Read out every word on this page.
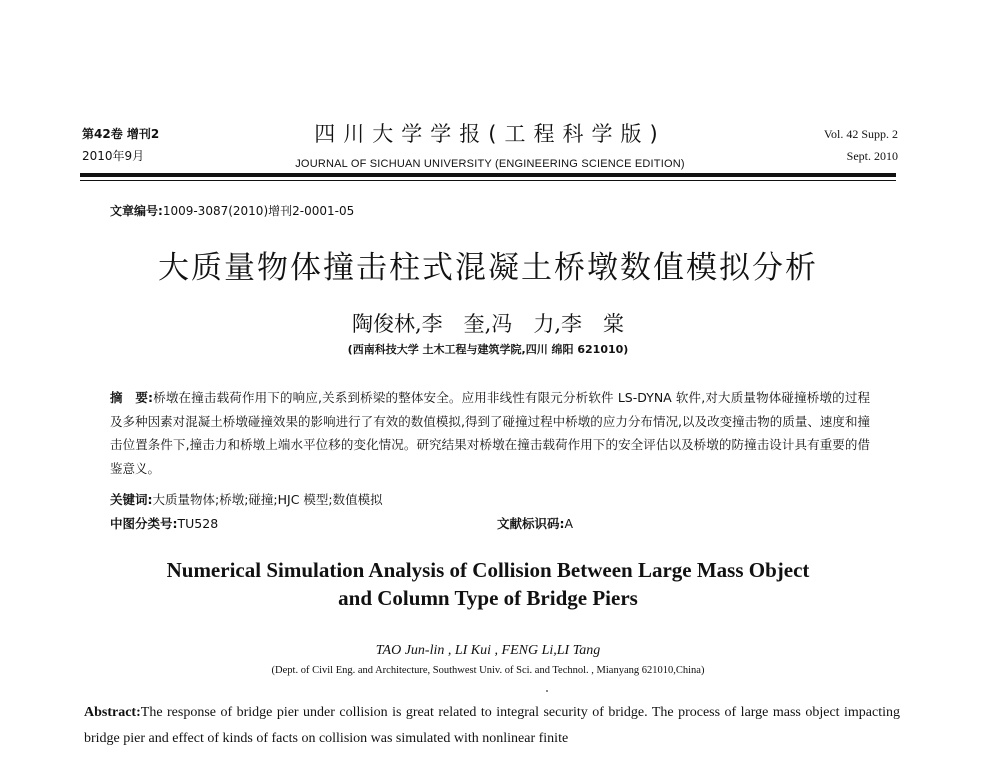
第42卷 增刊2
2010年9月
四川大学学报(工程科学版)
JOURNAL OF SICHUAN UNIVERSITY (ENGINEERING SCIENCE EDITION)
Vol. 42 Supp. 2
Sept. 2010
文章编号:1009-3087(2010)增刊2-0001-05
大质量物体撞击柱式混凝土桥墩数值模拟分析
陶俊林,李　奎,冯　力,李　棠
(西南科技大学 土木工程与建筑学院,四川 绵阳 621010)
摘　要:桥墩在撞击载荷作用下的响应,关系到桥梁的整体安全。应用非线性有限元分析软件 LS-DYNA 软件,对大质量物体碰撞桥墩的过程及多种因素对混凝土桥墩碰撞效果的影响进行了有效的数值模拟,得到了碰撞过程中桥墩的应力分布情况,以及改变撞击物的质量、速度和撞击位置条件下,撞击力和桥墩上端水平位移的变化情况。研究结果对桥墩在撞击载荷作用下的安全评估以及桥墩的防撞击设计具有重要的借鉴意义。
关键词:大质量物体;桥墩;碰撞;HJC 模型;数值模拟
中图分类号:TU528	文献标识码:A
Numerical Simulation Analysis of Collision Between Large Mass Object
and Column Type of Bridge Piers
TAO Jun-lin , LI Kui , FENG Li,LI Tang
(Dept. of Civil Eng. and Architecture, Southwest Univ. of Sci. and Technol. , Mianyang 621010,China)
Abstract:The response of bridge pier under collision is great related to integral security of bridge. The process of large mass object impacting bridge pier and effect of kinds of facts on collision was simulated with nonlinear finite
